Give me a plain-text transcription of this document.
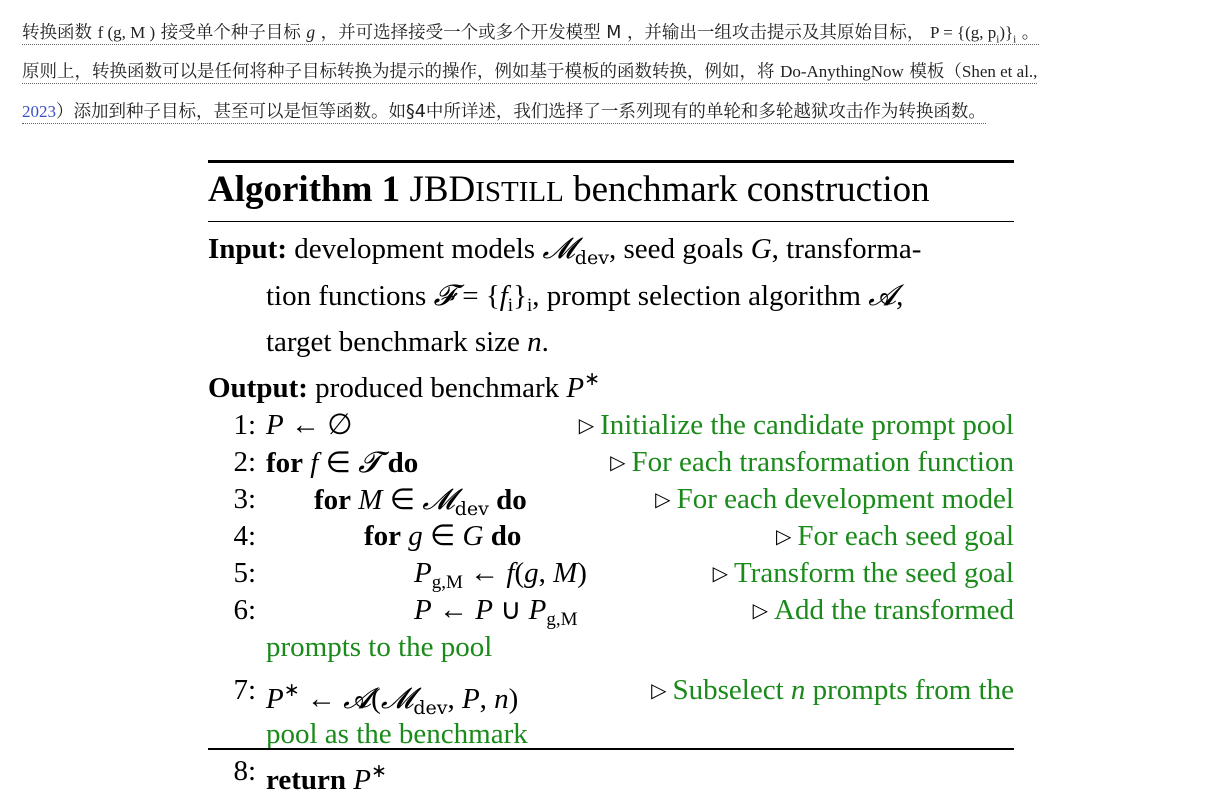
转换函数 f (g, M ) 接受单个种子目标 g ，并可选择接受一个或多个开发模型 M ，并输出一组攻击提示及其原始目标， P = {(g, $p_i)\}_i$ 。
原则上，转换函数可以是任何将种子目标转换为提示的操作，例如基于模板的函数转换，例如，将 Do-AnythingNow 模板（Shen et al.,
2023）添加到种子目标，甚至可以是恒等函数。如§4中所详述，我们选择了一系列现有的单轮和多轮越狱攻击作为转换函数。
Algorithm 1 JBDISTILL benchmark construction
Input: development models 𝓜$_{dev}$, seed goals G, transforma-
tion functions 𝓕 = $\{f_i\}_i$, prompt selection algorithm 𝓐,
target benchmark size n.
Output: produced benchmark P∗
1: P ← ∅	▷ Initialize the candidate prompt pool
2: for f ∈ 𝓣 do	▷ For each transformation function
3: for M ∈ 𝓜$_{dev}$ do	▷ For each development model
4:	for g ∈ G do	▷ For each seed goal
5:	$P_{g,M}$ ← f(g, M)	▷ Transform the seed goal
6:	P ← P ∪ $P_{g,M}$	▷ Add the transformed
prompts to the pool
7: P∗ ← 𝓐(𝓜$_{dev}$, P, n)	▷ Subselect n prompts from the
pool as the benchmark
8: return P∗
